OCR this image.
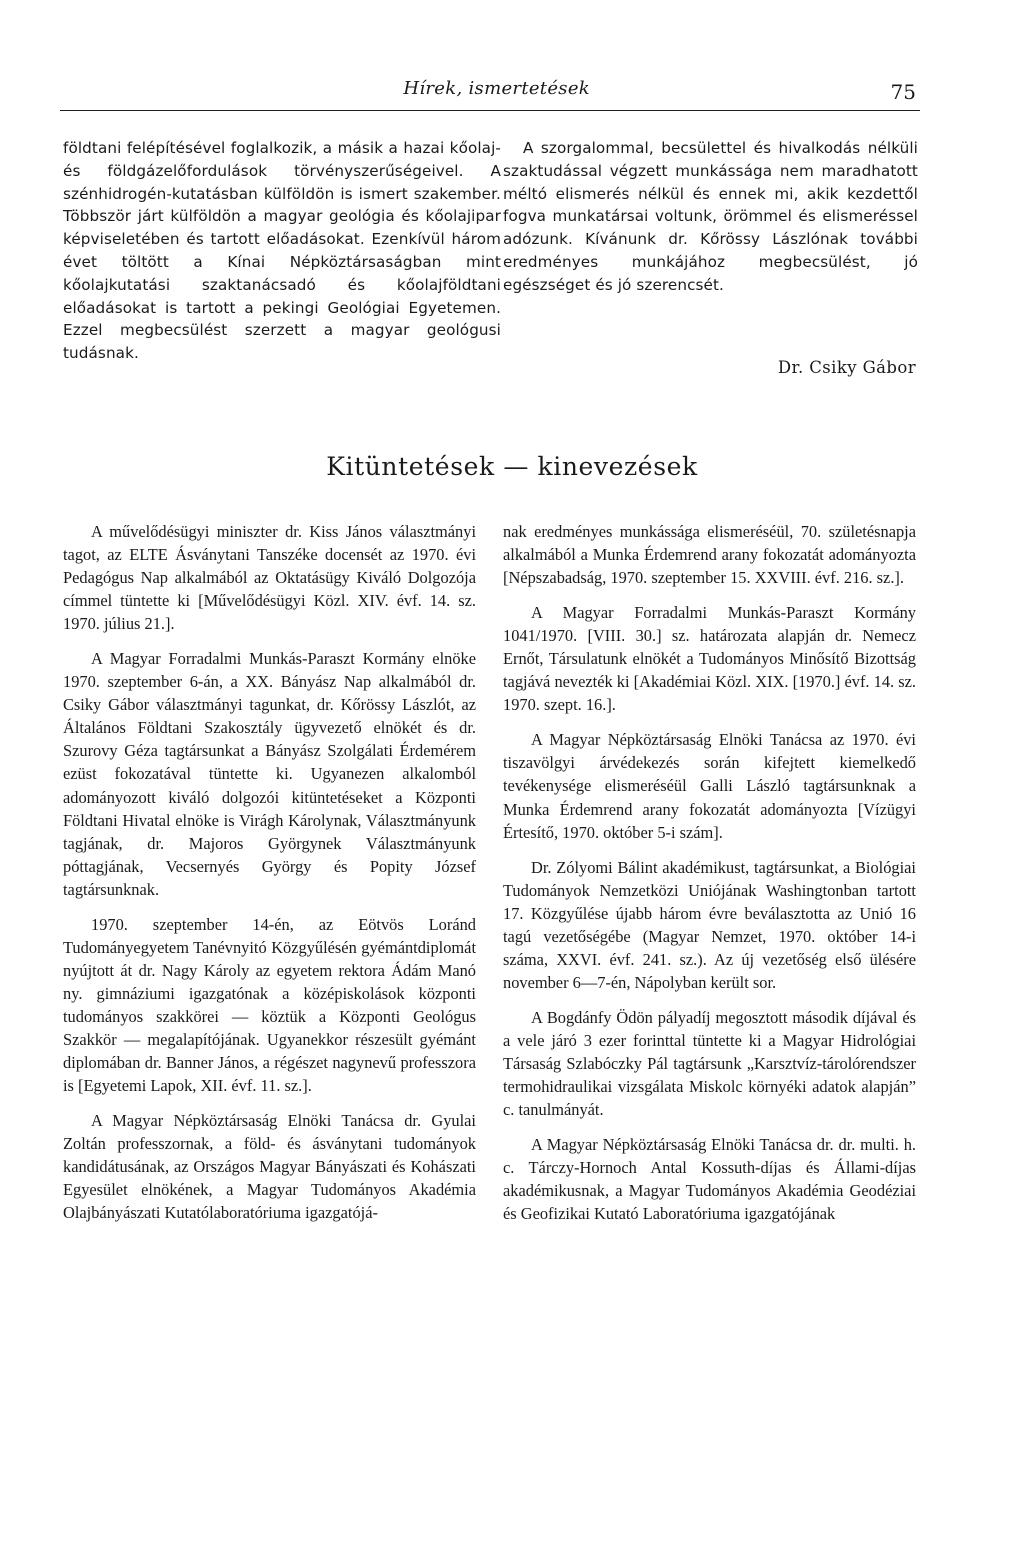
Hírek, ismertetések	75

földtani felépítésével foglalkozik, a másik a hazai kőolaj- és földgázelőfordulások törvényszerűségeivel. A szénhidrogén-kutatásban külföldön is ismert szakember. Többször járt külföldön a magyar geológia és kőolajipar képviseletében és tartott előadásokat. Ezenkívül három évet töltött a Kínai Népköztársaságban mint kőolajkutatási szaktanácsadó és kőolajföldtani előadásokat is tartott a pekingi Geológiai Egyetemen. Ezzel megbecsülést szerzett a magyar geológusi tudásnak.

A szorgalommal, becsülettel és hivalkodás nélküli szaktudással végzett munkássága nem maradhatott méltó elismerés nélkül és ennek mi, akik kezdettől fogva munkatársai voltunk, örömmel és elismeréssel adózunk. Kívánunk dr. Kőrössy Lászlónak további eredményes munkájához megbecsülést, jó egészséget és jó szerencsét.

Dr. Csiky Gábor
Kitüntetések — kinevezések

A művelődésügyi miniszter dr. Kiss János választmányi tagot, az ELTE Ásványtani Tanszéke docensét az 1970. évi Pedagógus Nap alkalmából az Oktatásügy Kiváló Dolgozója címmel tüntette ki [Művelődésügyi Közl. XIV. évf. 14. sz. 1970. július 21.].

A Magyar Forradalmi Munkás-Paraszt Kormány elnöke 1970. szeptember 6-án, a XX. Bányász Nap alkalmából dr. Csiky Gábor választmányi tagunkat, dr. Kőrössy Lászlót, az Általános Földtani Szakosztály ügyvezető elnökét és dr. Szurovy Géza tagtársunkat a Bányász Szolgálati Érdemérem ezüst fokozatával tüntette ki. Ugyanezen alkalomból adományozott kiváló dolgozói kitüntetéseket a Központi Földtani Hivatal elnöke is Virágh Károlynak, Választmányunk tagjának, dr. Majoros Györgynek Választmányunk póttagjának, Vecsernyés György és Popity József tagtársunknak.

1970. szeptember 14-én, az Eötvös Loránd Tudományegyetem Tanévnyitó Közgyűlésén gyémántdiplomát nyújtott át dr. Nagy Károly az egyetem rektora Ádám Manó ny. gimnáziumi igazgatónak a középiskolások központi tudományos szakkörei — köztük a Központi Geológus Szakkör — megalapítójának. Ugyanekkor részesült gyémánt diplomában dr. Banner János, a régészet nagynevű professzora is [Egyetemi Lapok, XII. évf. 11. sz.].

A Magyar Népköztársaság Elnöki Tanácsa dr. Gyulai Zoltán professzornak, a föld- és ásványtani tudományok kandidátusának, az Országos Magyar Bányászati és Kohászati Egyesület elnökének, a Magyar Tudományos Akadémia Olajbányászati Kutatólaboratóriuma igazgatójá-

nak eredményes munkássága elismeréséül, 70. születésnapja alkalmából a Munka Érdemrend arany fokozatát adományozta [Népszabadság, 1970. szeptember 15. XXVIII. évf. 216. sz.].

A Magyar Forradalmi Munkás-Paraszt Kormány 1041/1970. [VIII. 30.] sz. határozata alapján dr. Nemecz Ernőt, Társulatunk elnökét a Tudományos Minősítő Bizottság tagjává nevezték ki [Akadémiai Közl. XIX. [1970.] évf. 14. sz. 1970. szept. 16.].

A Magyar Népköztársaság Elnöki Tanácsa az 1970. évi tiszavölgyi árvédekezés során kifejtett kiemelkedő tevékenysége elismeréséül Galli László tagtársunknak a Munka Érdemrend arany fokozatát adományozta [Vízügyi Értesítő, 1970. október 5-i szám].

Dr. Zólyomi Bálint akadémikust, tagtársunkat, a Biológiai Tudományok Nemzetközi Uniójának Washingtonban tartott 17. Közgyűlése újabb három évre beválasztotta az Unió 16 tagú vezetőségébe (Magyar Nemzet, 1970. október 14-i száma, XXVI. évf. 241. sz.). Az új vezetőség első ülésére november 6—7-én, Nápolyban került sor.

A Bogdánfy Ödön pályadíj megosztott második díjával és a vele járó 3 ezer forinttal tüntette ki a Magyar Hidrológiai Társaság Szlabóczky Pál tagtársunk „Karsztvíz-tárolórendszer termohidraulikai vizsgálata Miskolc környéki adatok alapján” c. tanulmányát.

A Magyar Népköztársaság Elnöki Tanácsa dr. dr. multi. h. c. Tárczy-Hornoch Antal Kossuth-díjas és Állami-díjas akadémikusnak, a Magyar Tudományos Akadémia Geodéziai és Geofizikai Kutató Laboratóriuma igazgatójának
